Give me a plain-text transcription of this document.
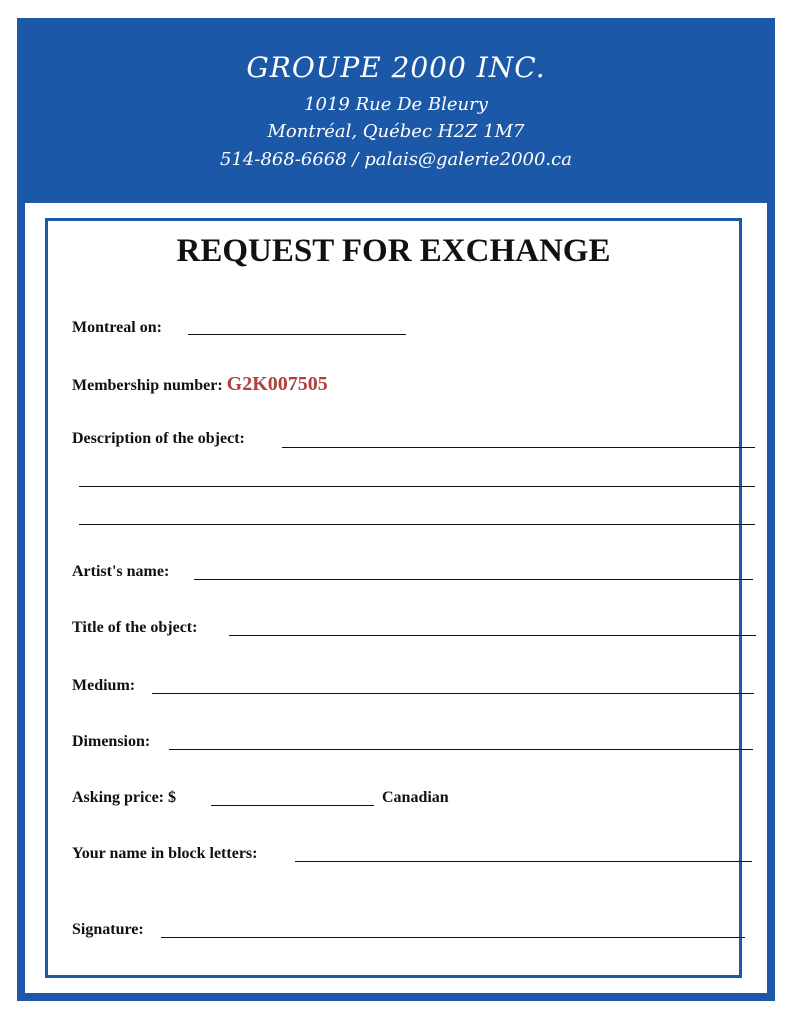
GROUPE 2000 INC.
1019 Rue De Bleury
Montréal, Québec H2Z 1M7
514-868-6668 / palais@galerie2000.ca
REQUEST FOR EXCHANGE
Montreal on:
Membership number: G2K007505
Description of the object:
Artist's name:
Title of the object:
Medium:
Dimension:
Asking price: $	Canadian
Your name in block letters:
Signature:
